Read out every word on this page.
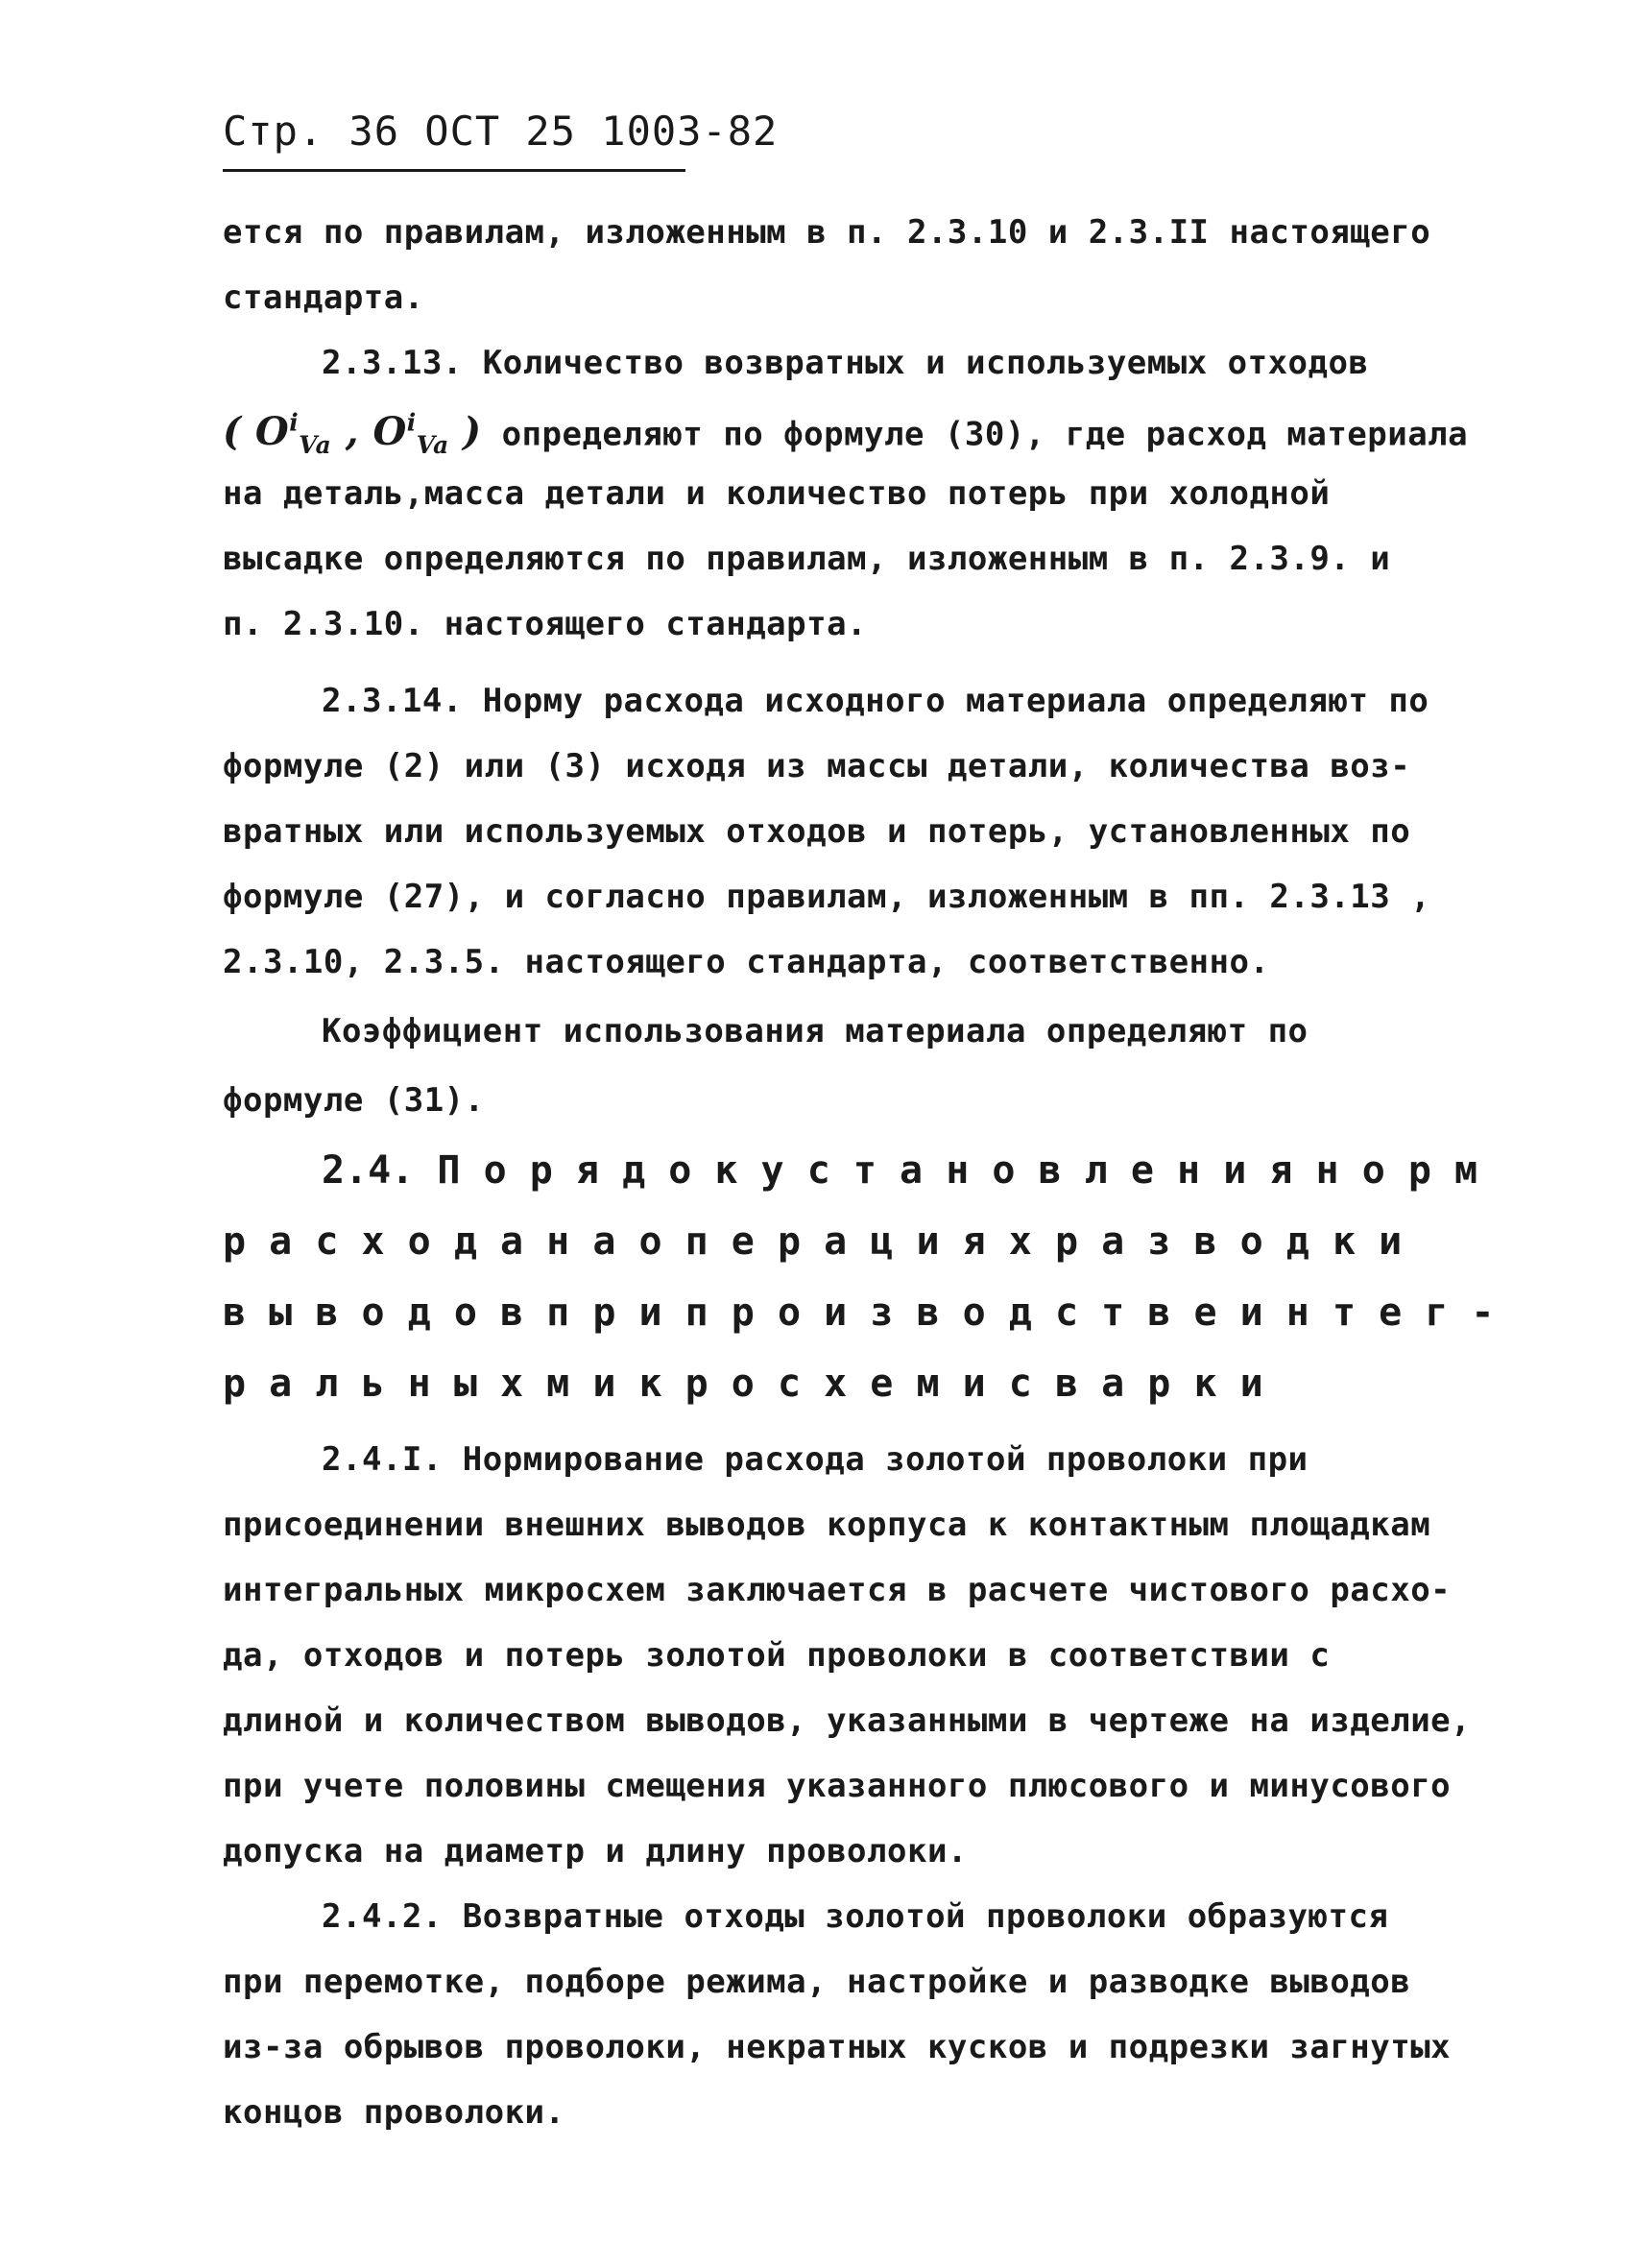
Стр. 36 ОСТ 25 1003-82
ется по правилам, изложенным в п. 2.3.10 и 2.3.II настоящего
стандарта.
2.3.13. Количество возвратных и используемых отходов
( $O^i_{Va}$ , $O^i_{Va}$ ) определяют по формуле (30), где расход материала
на деталь,масса детали и количество потерь при холодной
высадке определяются по правилам, изложенным в п. 2.3.9. и
п. 2.3.10. настоящего стандарта.
2.3.14. Норму расхода исходного материала определяют по
формуле (2) или (3) исходя из массы детали, количества воз-
вратных или используемых отходов и потерь, установленных по
формуле (27), и согласно правилам, изложенным в пп. 2.3.13 ,
2.3.10, 2.3.5. настоящего стандарта, соответственно.
Коэффициент использования материала определяют по
формуле (31).
2.4. П о р я д о к у с т а н о в л е н и я н о р м
р а с х о д а н а о п е р а ц и я х р а з в о д к и
в ы в о д о в п р и п р о и з в о д с т в е и н т е г -
р а л ь н ы х м и к р о с х е м и с в а р к и
2.4.I. Нормирование расхода золотой проволоки при
присоединении внешних выводов корпуса к контактным площадкам
интегральных микросхем заключается в расчете чистового расхо-
да, отходов и потерь золотой проволоки в соответствии с
длиной и количеством выводов, указанными в чертеже на изделие,
при учете половины смещения указанного плюсового и минусового
допуска на диаметр и длину проволоки.
2.4.2. Возвратные отходы золотой проволоки образуются
при перемотке, подборе режима, настройке и разводке выводов
из-за обрывов проволоки, некратных кусков и подрезки загнутых
концов проволоки.
